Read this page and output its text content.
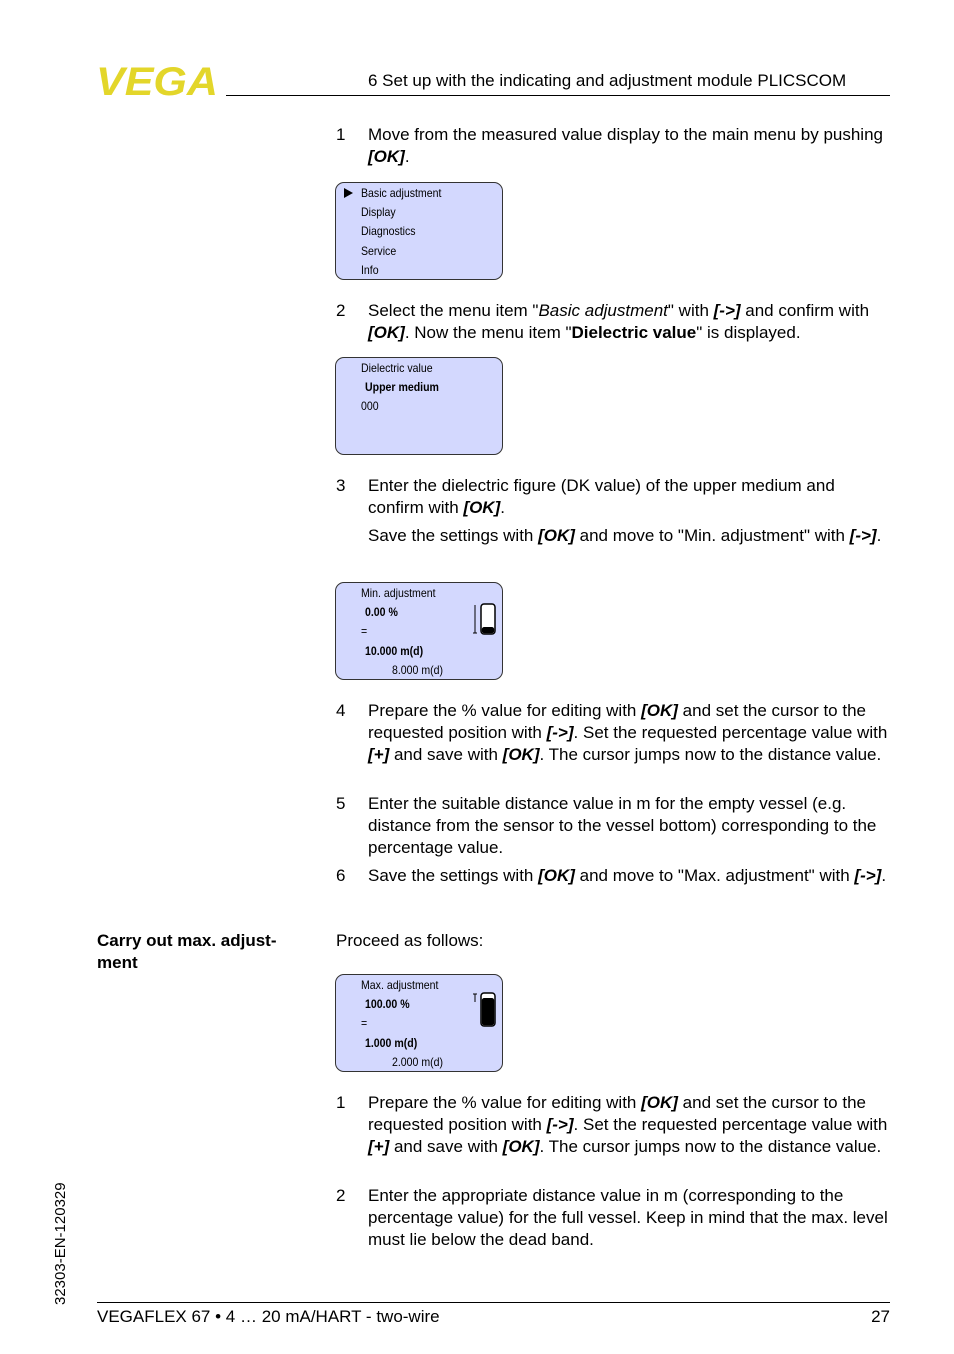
VEGA	6 Set up with the indicating and adjustment module PLICSCOM
1 Move from the measured value display to the main menu by pushing [OK].
Basic adjustment
Display
Diagnostics
Service
Info
2 Select the menu item "Basic adjustment" with [->] and confirm with [OK]. Now the menu item "Dielectric value" is displayed.
Dielectric value
Upper medium
000
3 Enter the dielectric figure (DK value) of the upper medium and confirm with [OK].
Save the settings with [OK] and move to "Min. adjustment" with [->].
Min. adjustment
0.00 %
=
10.000 m(d)
8.000 m(d)
4 Prepare the % value for editing with [OK] and set the cursor to the requested position with [->]. Set the requested percentage value with [+] and save with [OK]. The cursor jumps now to the distance value.
5 Enter the suitable distance value in m for the empty vessel (e.g. distance from the sensor to the vessel bottom) corresponding to the percentage value.
6 Save the settings with [OK] and move to "Max. adjustment" with [->].
Carry out max. adjust-ment
Proceed as follows:
Max. adjustment
100.00 %
=
1.000 m(d)
2.000 m(d)
1 Prepare the % value for editing with [OK] and set the cursor to the requested position with [->]. Set the requested percentage value with [+] and save with [OK]. The cursor jumps now to the distance value.
2 Enter the appropriate distance value in m (corresponding to the percentage value) for the full vessel. Keep in mind that the max. level must lie below the dead band.
32303-EN-120329
VEGAFLEX 67 • 4 … 20 mA/HART - two-wire	27
